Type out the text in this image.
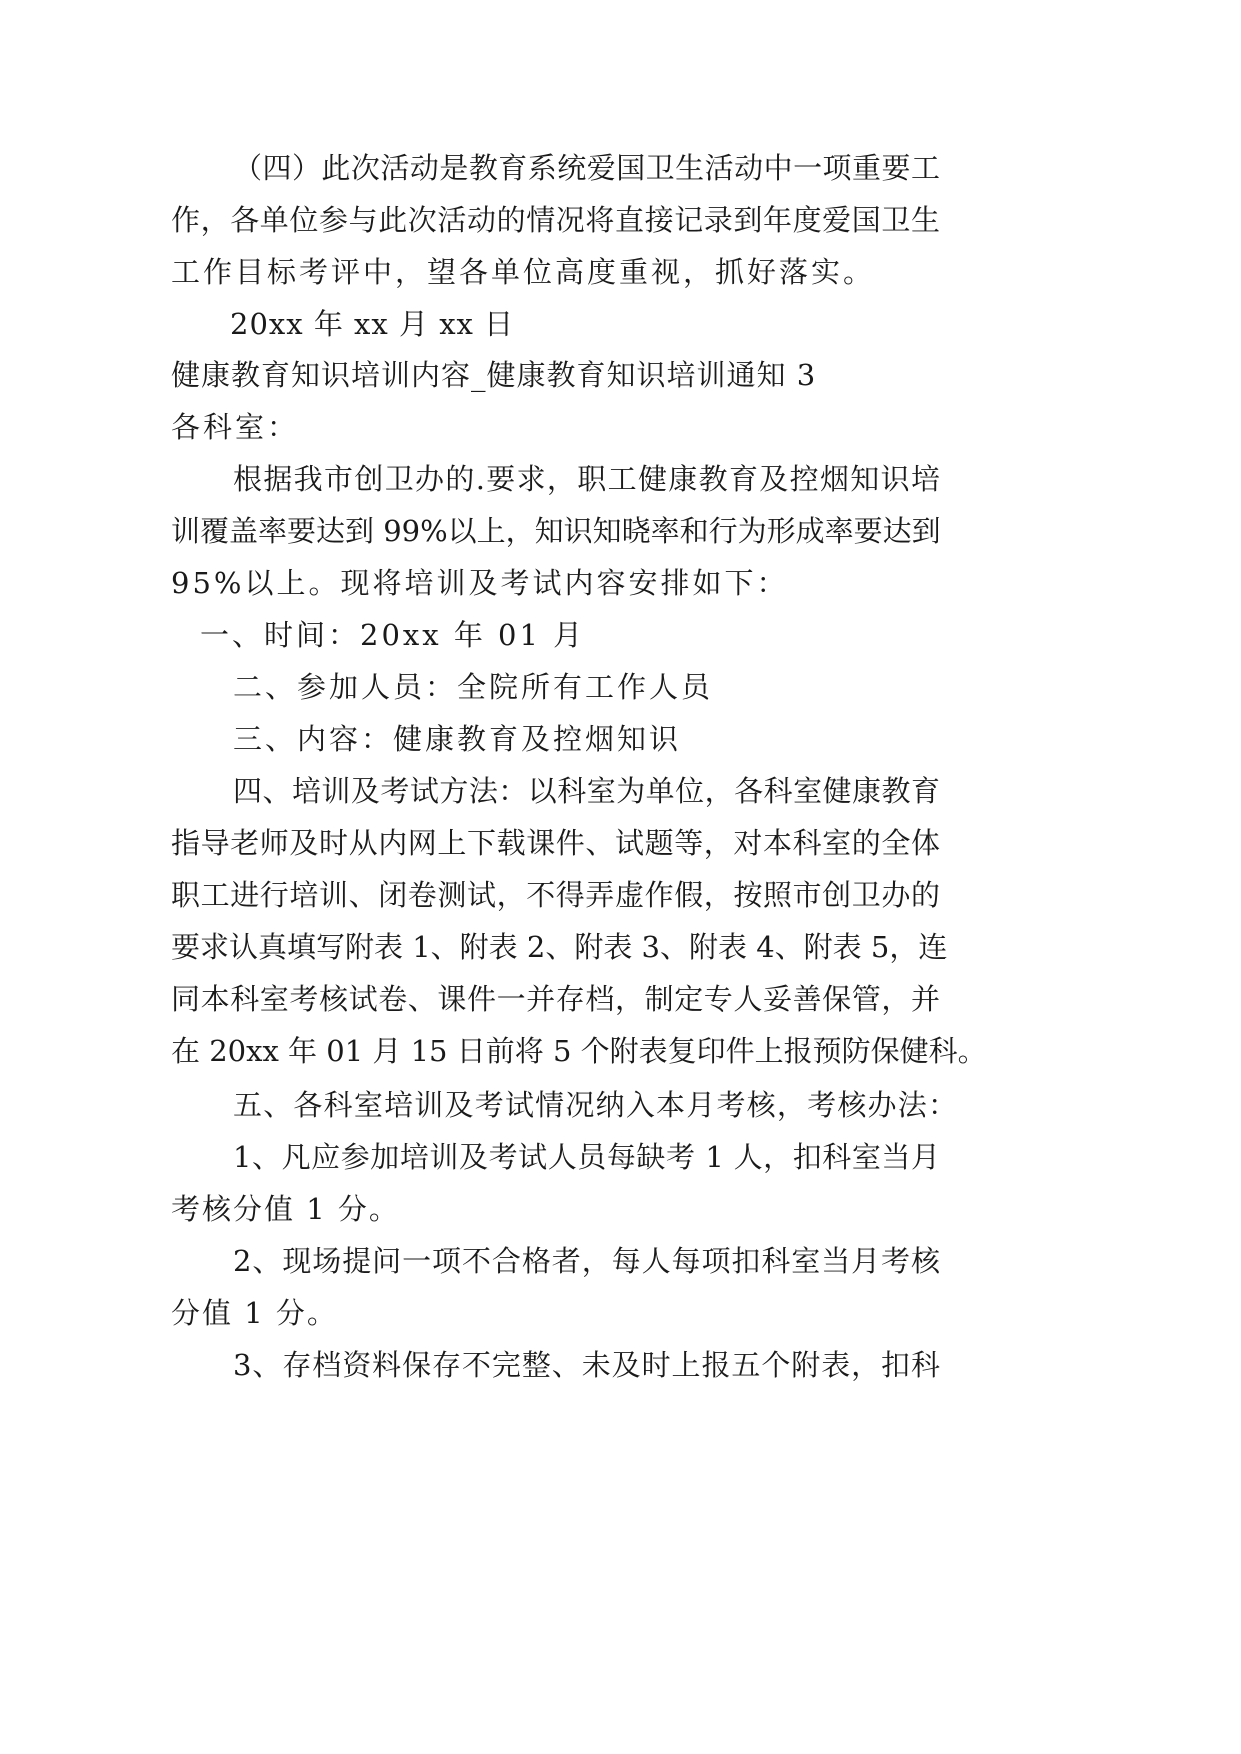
（四）此次活动是教育系统爱国卫生活动中一项重要工

作，各单位参与此次活动的情况将直接记录到年度爱国卫生

工作目标考评中，望各单位高度重视，抓好落实。

20xx 年 xx 月 xx 日

健康教育知识培训内容_健康教育知识培训通知 3

各科室：

根据我市创卫办的.要求，职工健康教育及控烟知识培

训覆盖率要达到 99%以上，知识知晓率和行为形成率要达到

95%以上。现将培训及考试内容安排如下：

一、时间：20xx 年 01 月

二、参加人员：全院所有工作人员

三、内容：健康教育及控烟知识

四、培训及考试方法：以科室为单位，各科室健康教育

指导老师及时从内网上下载课件、试题等，对本科室的全体

职工进行培训、闭卷测试，不得弄虚作假，按照市创卫办的

要求认真填写附表 1、附表 2、附表 3、附表 4、附表 5，连

同本科室考核试卷、课件一并存档，制定专人妥善保管，并

在 20xx 年 01 月 15 日前将 5 个附表复印件上报预防保健科。

五、各科室培训及考试情况纳入本月考核，考核办法：

1、凡应参加培训及考试人员每缺考 1 人，扣科室当月

考核分值 1 分。

2、现场提问一项不合格者，每人每项扣科室当月考核

分值 1 分。

3、存档资料保存不完整、未及时上报五个附表，扣科
